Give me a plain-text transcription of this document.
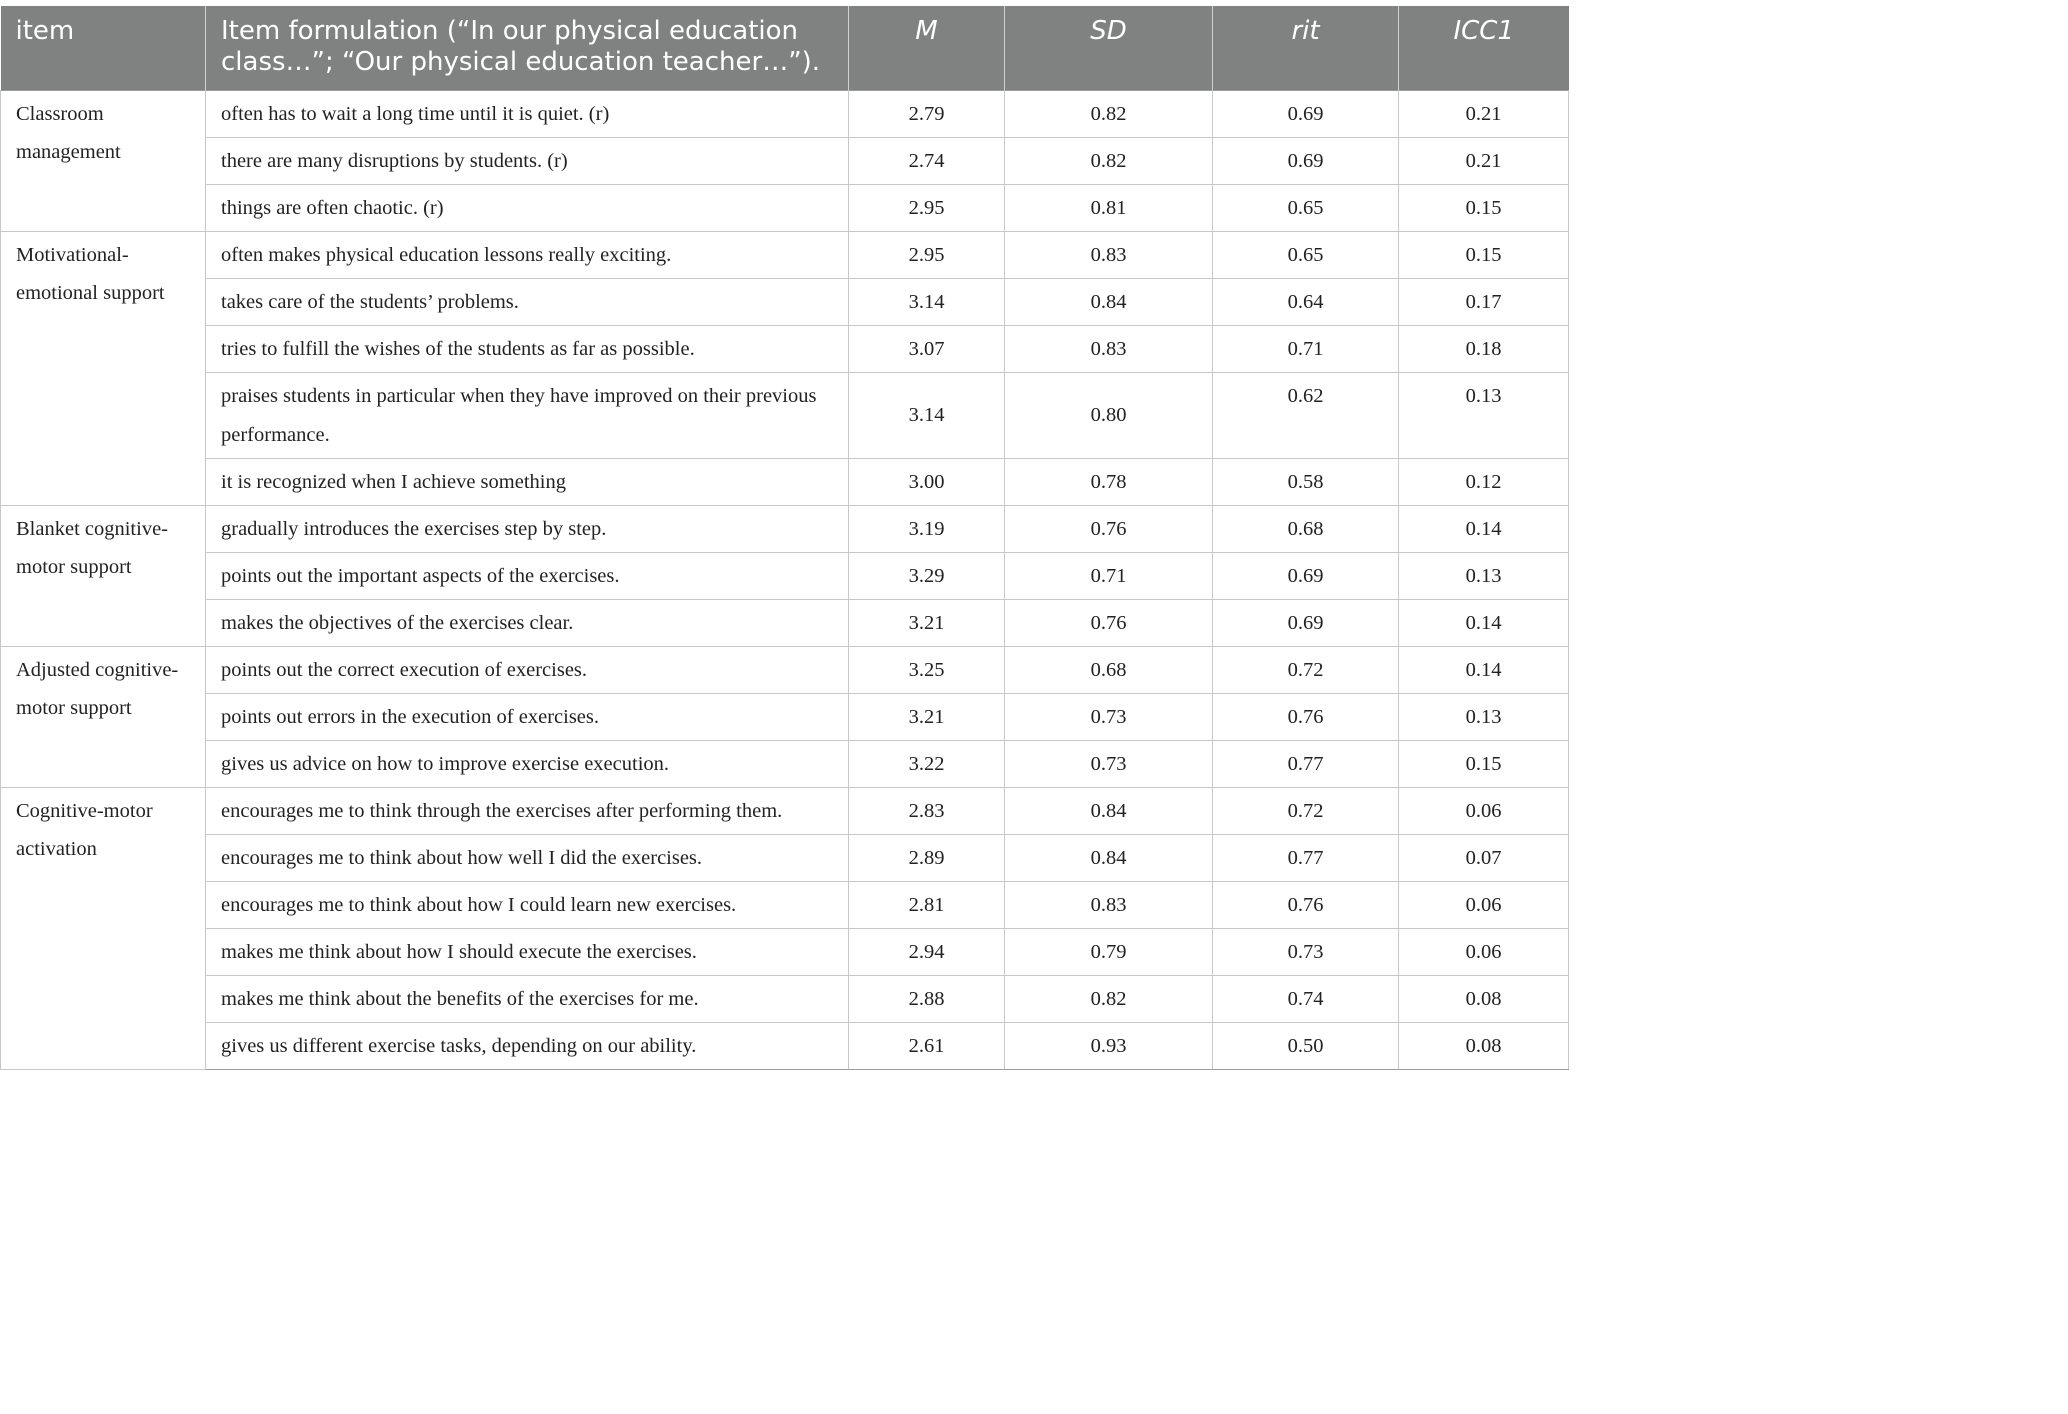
item	Item formulation (“In our physical education class…”; “Our physical education teacher…”).	M	SD	rit	ICC1
Classroom management	often has to wait a long time until it is quiet. (r)	2.79	0.82	0.69	0.21
	there are many disruptions by students. (r)	2.74	0.82	0.69	0.21
	things are often chaotic. (r)	2.95	0.81	0.65	0.15
Motivational-emotional support	often makes physical education lessons really exciting.	2.95	0.83	0.65	0.15
	takes care of the students’ problems.	3.14	0.84	0.64	0.17
	tries to fulfill the wishes of the students as far as possible.	3.07	0.83	0.71	0.18
	praises students in particular when they have improved on their previous performance.	3.14	0.80	0.62	0.13
	it is recognized when I achieve something	3.00	0.78	0.58	0.12
Blanket cognitive-motor support	gradually introduces the exercises step by step.	3.19	0.76	0.68	0.14
	points out the important aspects of the exercises.	3.29	0.71	0.69	0.13
	makes the objectives of the exercises clear.	3.21	0.76	0.69	0.14
Adjusted cognitive-motor support	points out the correct execution of exercises.	3.25	0.68	0.72	0.14
	points out errors in the execution of exercises.	3.21	0.73	0.76	0.13
	gives us advice on how to improve exercise execution.	3.22	0.73	0.77	0.15
Cognitive-motor activation	encourages me to think through the exercises after performing them.	2.83	0.84	0.72	0.06
	encourages me to think about how well I did the exercises.	2.89	0.84	0.77	0.07
	encourages me to think about how I could learn new exercises.	2.81	0.83	0.76	0.06
	makes me think about how I should execute the exercises.	2.94	0.79	0.73	0.06
	makes me think about the benefits of the exercises for me.	2.88	0.82	0.74	0.08
	gives us different exercise tasks, depending on our ability.	2.61	0.93	0.50	0.08
